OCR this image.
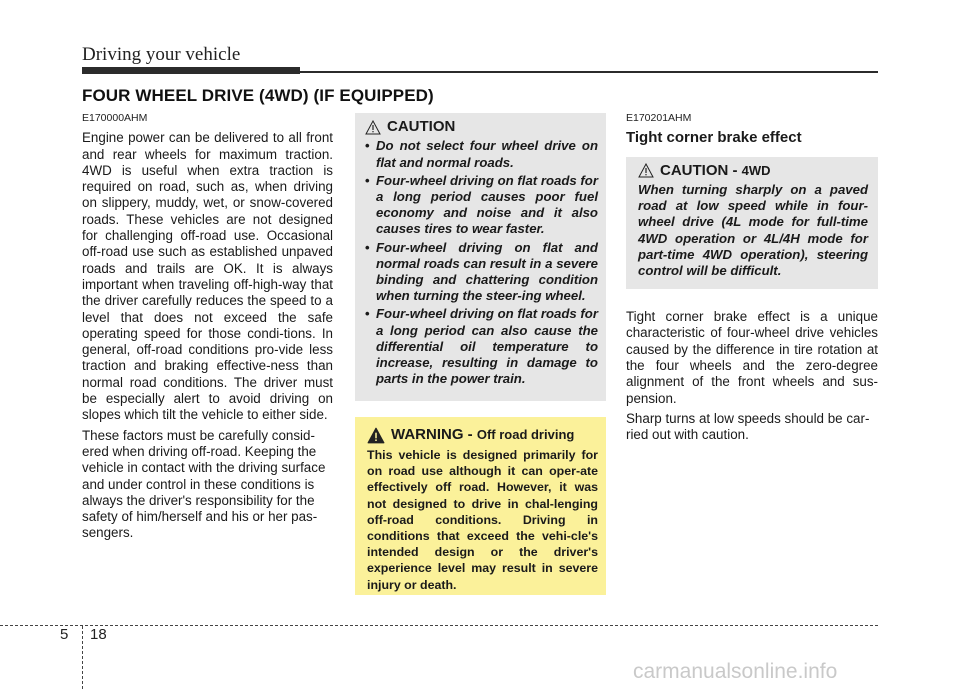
Driving your vehicle
FOUR WHEEL DRIVE (4WD) (IF EQUIPPED)
E170000AHM

Engine power can be delivered to all front and rear wheels for maximum traction. 4WD is useful when extra traction is required on road, such as, when driving on slippery, muddy, wet, or snow-covered roads. These vehicles are not designed for challenging off-road use. Occasional off-road use such as established unpaved roads and trails are OK. It is always important when traveling off-high-way that the driver carefully reduces the speed to a level that does not exceed the safe operating speed for those condi-tions. In general, off-road conditions pro-vide less traction and braking effective-ness than normal road conditions. The driver must be especially alert to avoid driving on slopes which tilt the vehicle to either side.

These factors must be carefully consid-ered when driving off-road. Keeping the vehicle in contact with the driving surface and under control in these conditions is always the driver's responsibility for the safety of him/herself and his or her pas-sengers.

CAUTION
• Do not select four wheel drive on flat and normal roads.
• Four-wheel driving on flat roads for a long period causes poor fuel economy and noise and it also causes tires to wear faster.
• Four-wheel driving on flat and normal roads can result in a severe binding and chattering condition when turning the steer-ing wheel.
• Four-wheel driving on flat roads for a long period can also cause the differential oil temperature to increase, resulting in damage to parts in the power train.
WARNING - Off road driving

This vehicle is designed primarily for on road use although it can oper-ate effectively off road. However, it was not designed to drive in chal-lenging off-road conditions. Driving in conditions that exceed the vehi-cle's intended design or the driver's experience level may result in severe injury or death.

E170201AHM
Tight corner brake effect
CAUTION - 4WD

When turning sharply on a paved road at low speed while in four-wheel drive (4L mode for full-time 4WD operation or 4L/4H mode for part-time 4WD operation), steering control will be difficult.

Tight corner brake effect is a unique characteristic of four-wheel drive vehicles caused by the difference in tire rotation at the four wheels and the zero-degree alignment of the front wheels and sus-pension.

Sharp turns at low speeds should be car-ried out with caution.

5 18
carmanualsonline.info
